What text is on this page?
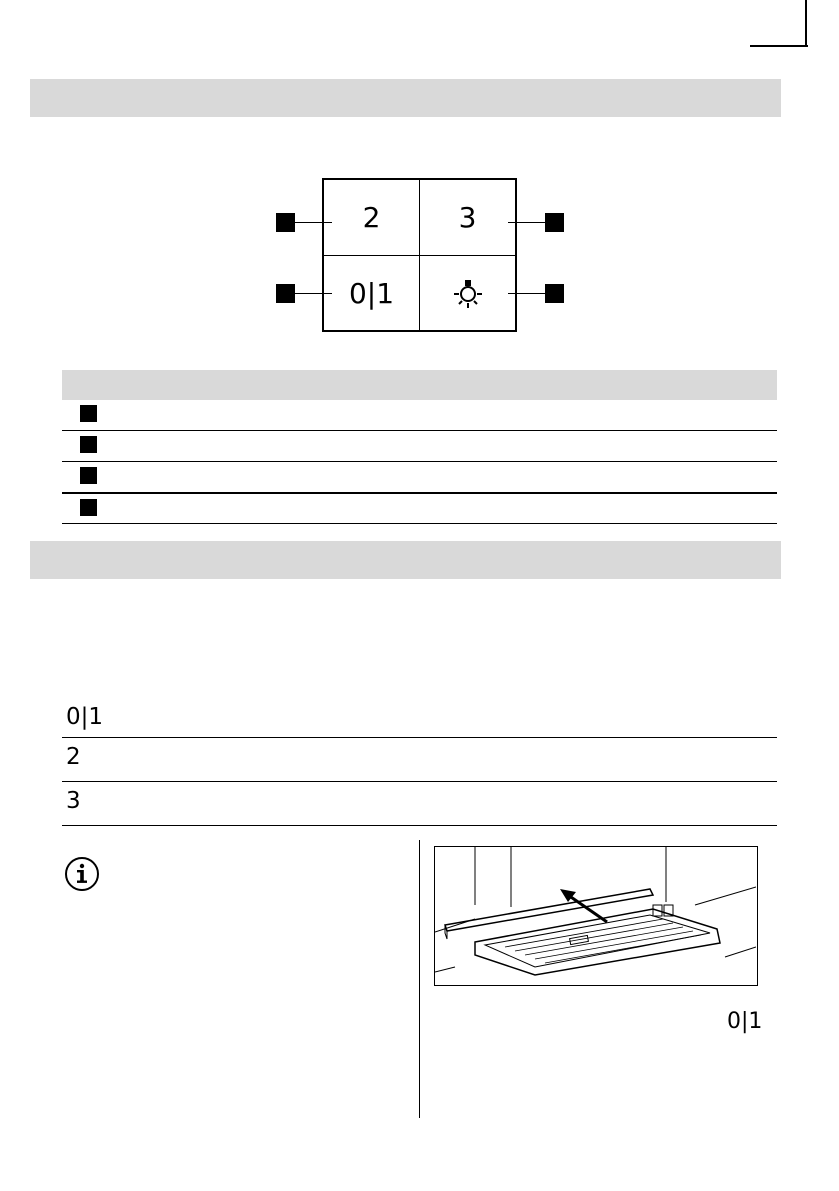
2	3
0|1
0|1
2
3
0|1
